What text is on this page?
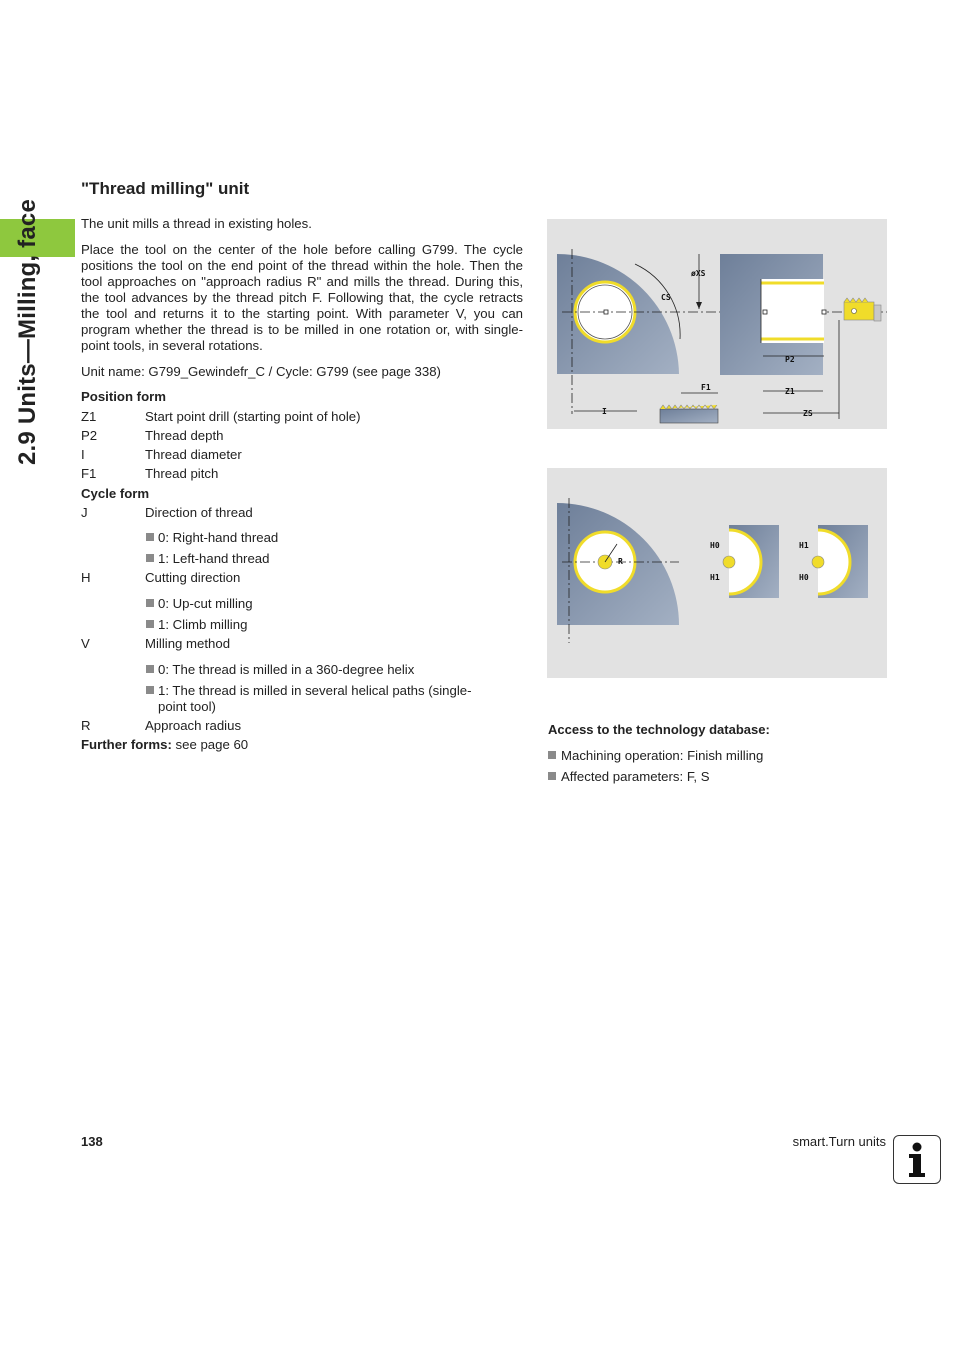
2.9 Units—Milling, face
"Thread milling" unit
The unit mills a thread in existing holes.
Place the tool on the center of the hole before calling G799. The cycle positions the tool on the end point of the thread within the hole. Then the tool approaches on "approach radius R" and mills the thread. During this, the tool advances by the thread pitch F. Following that, the cycle retracts the tool and returns it to the starting point. With parameter V, you can program whether the thread is to be milled in one rotation or, with single-point tools, in several rotations.
Unit name: G799_Gewindefr_C / Cycle: G799 (see page 338)
Position form
Z1	Start point drill (starting point of hole)
P2	Thread depth
I	Thread diameter
F1	Thread pitch
Cycle form
J	Direction of thread
0: Right-hand thread
1: Left-hand thread
H	Cutting direction
0: Up-cut milling
1: Climb milling
V	Milling method
0: The thread is milled in a 360-degree helix
1: The thread is milled in several helical paths (single-point tool)
R	Approach radius
Further forms: see page 60
øXS
CS
P2
F1	Z1
I	ZS
R
H0
H1
H1
H0
Access to the technology database:
Machining operation: Finish milling
Affected parameters: F, S
138	smart.Turn units
